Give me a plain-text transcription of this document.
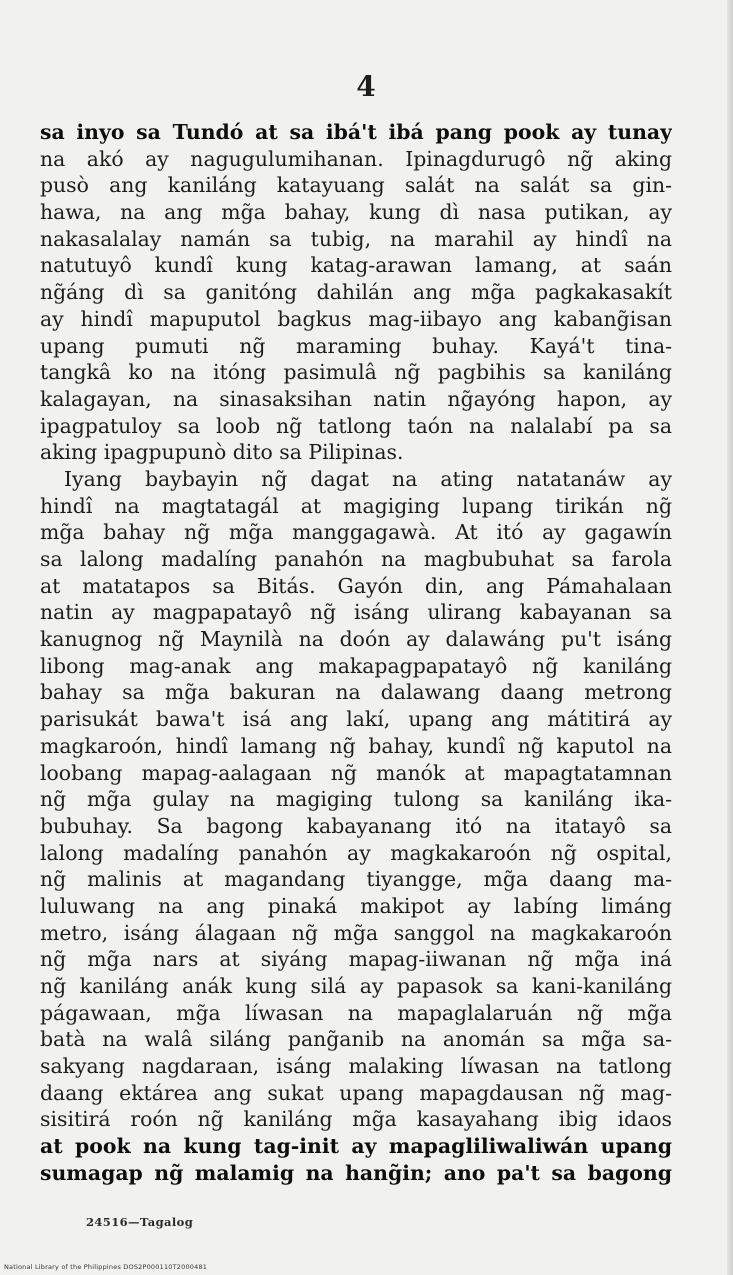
4
sa inyo sa Tundó at sa ibá't ibá pang pook ay tunay
na akó ay nagugulumihanan. Ipinagdurugô ng̃ aking
pusò ang kaniláng katayuang salát na salát sa gin-
hawa, na ang mg̃a bahay, kung dì nasa putikan, ay
nakasalalay namán sa tubig, na marahil ay hindî na
natutuyô kundî kung katag-arawan lamang, at saán
ng̃áng dì sa ganitóng dahilán ang mg̃a pagkakasakít
ay hindî mapuputol bagkus mag-iibayo ang kabang̃isan
upang pumuti ng̃ maraming buhay. Kayá't tina-
tangkâ ko na itóng pasimulâ ng̃ pagbihis sa kaniláng
kalagayan, na sinasaksihan natin ng̃ayóng hapon, ay
ipagpatuloy sa loob ng̃ tatlong taón na nalalabí pa sa
aking ipagpupunò dito sa Pilipinas.
Iyang baybayin ng̃ dagat na ating natatanáw ay
hindî na magtatagál at magiging lupang tirikán ng̃
mg̃a bahay ng̃ mg̃a manggagawà. At itó ay gagawín
sa lalong madalíng panahón na magbubuhat sa farola
at matatapos sa Bitás. Gayón din, ang Pámahalaan
natin ay magpapatayô ng̃ isáng ulirang kabayanan sa
kanugnog ng̃ Maynilà na doón ay dalawáng pu't isáng
libong mag-anak ang makapagpapatayô ng̃ kaniláng
bahay sa mg̃a bakuran na dalawang daang metrong
parisukát bawa't isá ang lakí, upang ang mátitirá ay
magkaroón, hindî lamang ng̃ bahay, kundî ng̃ kaputol na
loobang mapag-aalagaan ng̃ manók at mapagtatamnan
ng̃ mg̃a gulay na magiging tulong sa kaniláng ika-
bubuhay. Sa bagong kabayanang itó na itatayô sa
lalong madalíng panahón ay magkakaroón ng̃ ospital,
ng̃ malinis at magandang tiyangge, mg̃a daang ma-
luluwang na ang pinaká makipot ay labíng limáng
metro, isáng álagaan ng̃ mg̃a sanggol na magkakaroón
ng̃ mg̃a nars at siyáng mapag-iiwanan ng̃ mg̃a iná
ng̃ kaniláng anák kung silá ay papasok sa kani-kaniláng
págawaan, mg̃a líwasan na mapaglalaruán ng̃ mg̃a
batà na walâ siláng pang̃anib na anomán sa mg̃a sa-
sakyang nagdaraan, isáng malaking líwasan na tatlong
daang ektárea ang sukat upang mapagdausan ng̃ mag-
sisitirá roón ng̃ kaniláng mg̃a kasayahang ibig idaos
at pook na kung tag-init ay mapagliliwaliwán upang
sumagap ng̃ malamig na hang̃in; ano pa't sa bagong
24516—Tagalog
National Library of the Philippines DOS2P000110T2000481
